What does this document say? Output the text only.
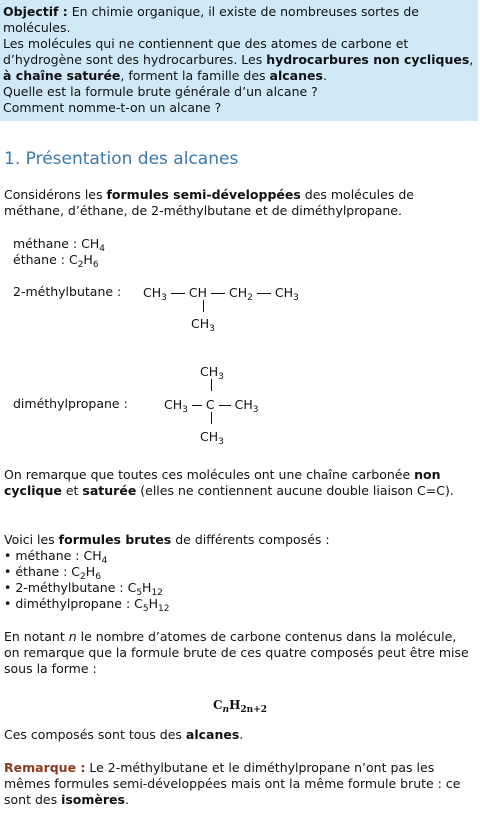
Objectif : En chimie organique, il existe de nombreuses sortes de molécules.
Les molécules qui ne contiennent que des atomes de carbone et d’hydrogène sont des hydrocarbures. Les hydrocarbures non cycliques, à chaîne saturée, forment la famille des alcanes.
Quelle est la formule brute générale d’un alcane ?
Comment nomme-t-on un alcane ?
1. Présentation des alcanes
Considérons les formules semi-développées des molécules de méthane, d’éthane, de 2-méthylbutane et de diméthylpropane.
méthane : $CH_4$
éthane : $C_2H_6$
2-méthylbutane : $CH_3$ CH $CH_2$ $CH_3$
$CH_3$
$CH_3$
diméthylpropane :	$CH_3$ C $CH_3$
$CH_3$
On remarque que toutes ces molécules ont une chaîne carbonée non cyclique et saturée (elles ne contiennent aucune double liaison C=C).
Voici les formules brutes de différents composés :
• méthane : $CH_4$
• éthane : $C_2H_6$
• 2-méthylbutane : $C_5H_{12}$
• diméthylpropane : $C_5H_{12}$
En notant n le nombre d’atomes de carbone contenus dans la molécule, on remarque que la formule brute de ces quatre composés peut être mise sous la forme :
$C_nH_{2n+2}$
Ces composés sont tous des alcanes.
Remarque : Le 2-méthylbutane et le diméthylpropane n’ont pas les mêmes formules semi-développées mais ont la même formule brute : ce sont des isomères.
